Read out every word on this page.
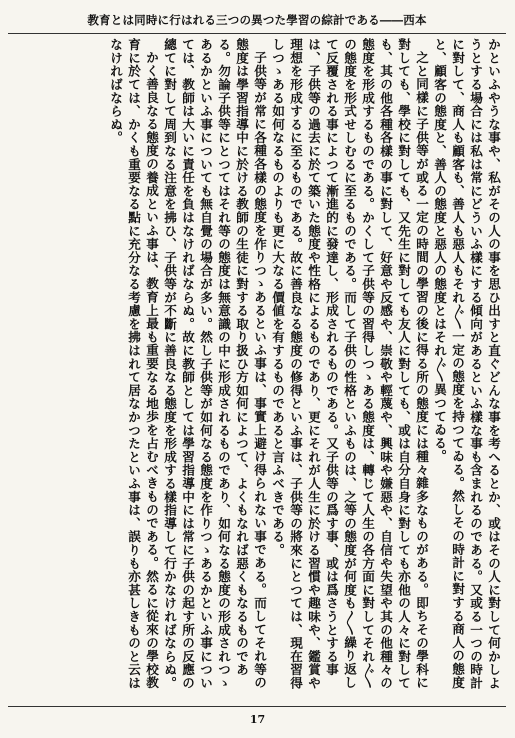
教育とは同時に行はれる三つの異つた學習の綜計である――西本

かといふやうな事や、私がその人の事を思ひ出すと直ぐどんな事を考へるとか、或はその人に對して何かしようとする場合には私は常にどういふ樣にする傾向があるといふ樣な事も含まれるのである。又或る一つの時計に對して、商人も顧客も、善人も惡人もそれ〴〵一定の態度を持つてゐる。然しその時計に對する商人の態度と、顧客の態度と、善人の態度と惡人の態度とはそれ〴〵異つてゐる。

之と同樣に子供等が或る一定の時間の學習の後に得る所の態度には種々雜多なものがある。即ちその學科に對しても、學校に對しても、又先生に對しても友人に對しても、或は自分自身に對しても亦他の人々に對しても、其の他各種各樣の事に對して、好意や反感や、崇敬や輕蔑や、興味や嫌惡や、自信や失望や其の他種々の態度を形成するものである。かくして子供等の習得しつゝある態度は、轉じて人生の各方面に對してそれ〴〵の態度を形式せしむるに至るものである。而して子供の性格といふものは、之等の態度が何度も〳〵繰り返して反覆される事によつて漸進的に發達し、形成されるものである。又子供等の爲す事、或は爲さうとする事は、子供等の過去に於て築いた態度や性格によるものであり、更にそれが人生に於ける習慣や趣味や、鑑賞や理想を形成するに至るものである。故に善良なる態度の修得といふ事は、子供等の將來にとつては、現在習得しつゝある如何なるものよりも更に大なる價値を有するものであると言ふべきである。

子供等が常に各種各樣の態度を作りつゝあるといふ事は、事實上避け得られない事である。而してそれ等の態度は學習指導中に於ける教師の生徒に對する取り扱ひ方如何によつて、よくもなれば惡くもなるものである。勿論子供等にとつてはそれ等の態度は無意識の中に形成されるものであり、如何なる態度の形成されつゝあるかといふ事についても無自覺の場合が多い。然し子供等が如何なる態度を作りつゝあるかといふ事については、教師は大いに責任を負はなければならぬ。故に教師としては學習指導中には常に子供の起す所の反應の總てに對して周到なる注意を拂ひ、子供等が不斷に善良なる態度を形成する樣指導して行かなければならぬ。

かく善良なる態度の養成といふ事は、教育上最も重要なる地歩を占むべきものである。然るに從來の學校教育に於ては、かくも重要なる點に充分なる考慮を拂はれて居なかつたといふ事は、誤りも亦甚しきものと云はなければならぬ。

17
